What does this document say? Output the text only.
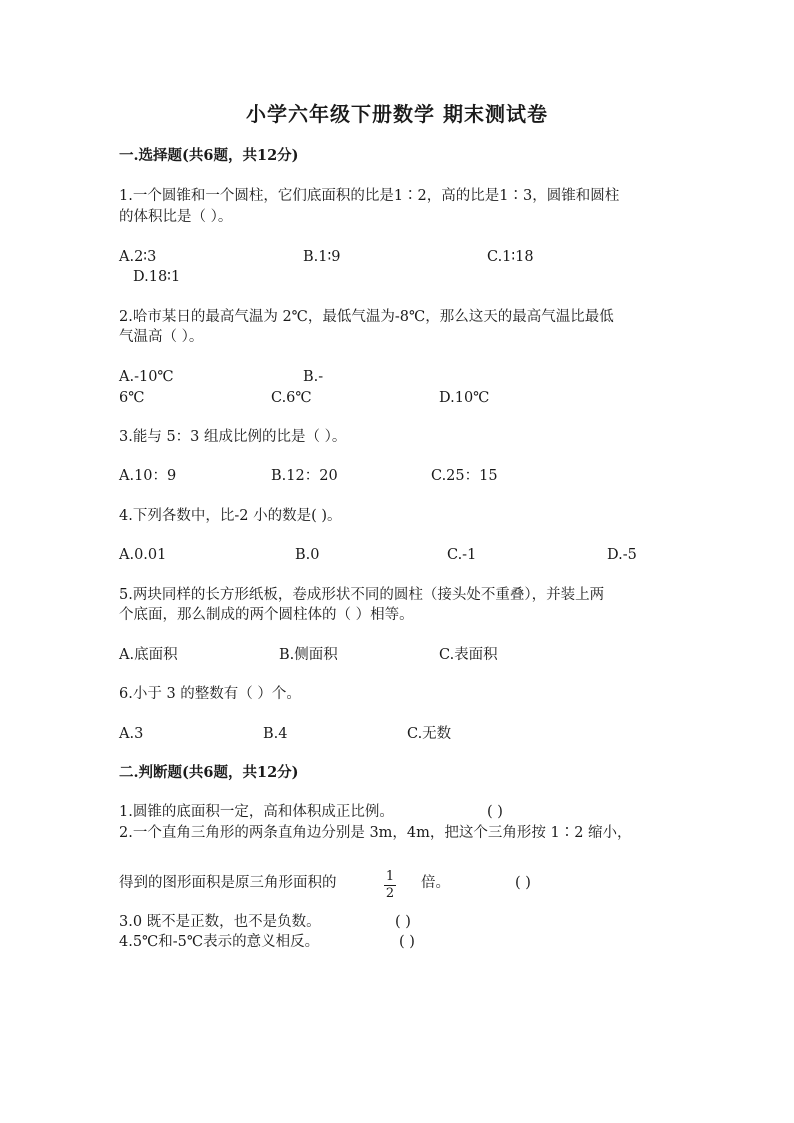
小学六年级下册数学 期末测试卷
一.选择题(共6题，共12分)
1.一个圆锥和一个圆柱，它们底面积的比是1∶2，高的比是1∶3，圆锥和圆柱
的体积比是（ ）。
A.2∶3	B.1∶9	C.1∶18
D.18∶1
2.哈市某日的最高气温为 2℃，最低气温为-8℃，那么这天的最高气温比最低
气温高（ ）。
A.-10℃	B.-
6℃	C.6℃	D.10℃
3.能与 5：3 组成比例的比是（ ）。
A.10：9	B.12：20	C.25：15
4.下列各数中，比-2 小的数是( )。
A.0.01	B.0	C.-1	D.-5
5.两块同样的长方形纸板，卷成形状不同的圆柱（接头处不重叠），并装上两
个底面，那么制成的两个圆柱体的（ ）相等。
A.底面积	B.侧面积	C.表面积
6.小于 3 的整数有（ ）个。
A.3	B.4	C.无数
二.判断题(共6题，共12分)
1.圆锥的底面积一定，高和体积成正比例。	( )
2.一个直角三角形的两条直角边分别是 3m，4m，把这个三角形按 1∶2 缩小，
得到的图形面积是原三角形面积的	1
2
倍。	( )
3.0 既不是正数，也不是负数。	( )
4.5℃和-5℃表示的意义相反。	( )
